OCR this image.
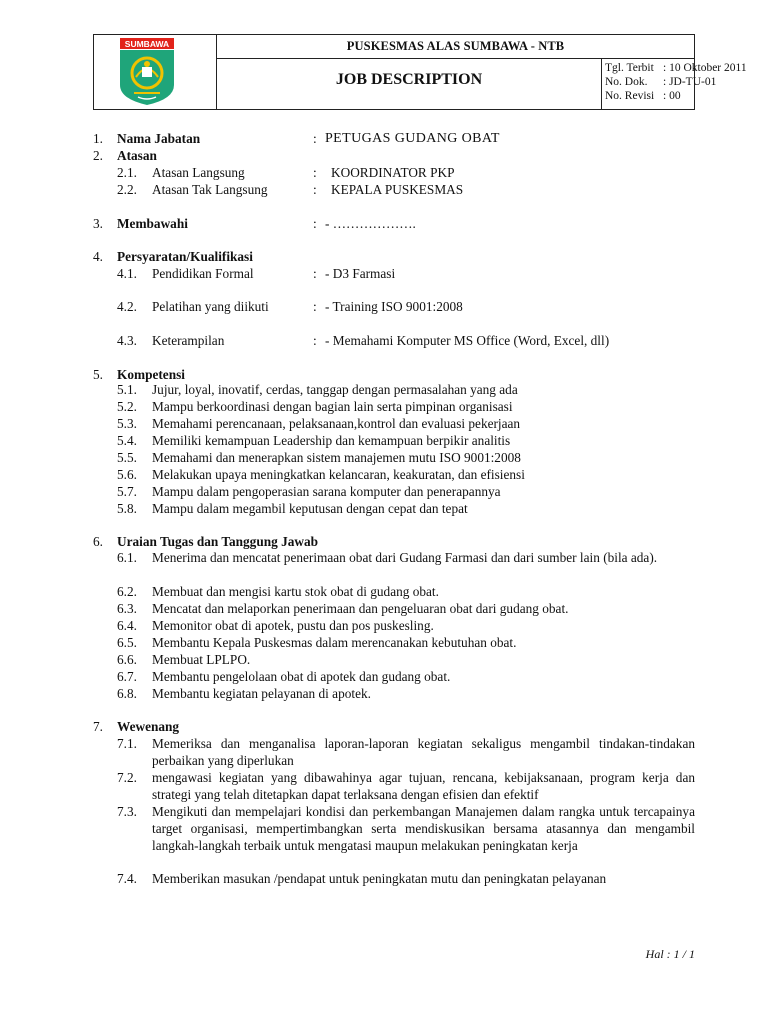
SUMBAWA	PUSKESMAS ALAS SUMBAWA - NTB
JOB DESCRIPTION
Tgl. Terbit : 10 Oktober 2011
No. Dok. : JD-TU-01
No. Revisi : 00
1. Nama Jabatan	: PETUGAS GUDANG OBAT
2. Atasan
2.1. Atasan Langsung	: KOORDINATOR PKP
2.2. Atasan Tak Langsung	: KEPALA PUSKESMAS
3. Membawahi	: - ……………….
4. Persyaratan/Kualifikasi
4.1. Pendidikan Formal	: - D3 Farmasi
4.2. Pelatihan yang diikuti	: - Training ISO 9001:2008
4.3. Keterampilan	: - Memahami Komputer MS Office (Word, Excel, dll)
5. Kompetensi
5.1. Jujur, loyal, inovatif, cerdas, tanggap dengan permasalahan yang ada
5.2. Mampu berkoordinasi dengan bagian lain serta pimpinan organisasi
5.3. Memahami perencanaan, pelaksanaan,kontrol dan evaluasi pekerjaan
5.4. Memiliki kemampuan Leadership dan kemampuan berpikir analitis
5.5. Memahami dan menerapkan sistem manajemen mutu ISO 9001:2008
5.6. Melakukan upaya meningkatkan kelancaran, keakuratan, dan efisiensi
5.7. Mampu dalam pengoperasian sarana komputer dan penerapannya
5.8. Mampu dalam megambil keputusan dengan cepat dan tepat
6. Uraian Tugas dan Tanggung Jawab
6.1. Menerima dan mencatat penerimaan obat dari Gudang Farmasi dan dari sumber lain (bila ada).
6.2. Membuat dan mengisi kartu stok obat di gudang obat.
6.3. Mencatat dan melaporkan penerimaan dan pengeluaran obat dari gudang obat.
6.4. Memonitor obat di apotek, pustu dan pos puskesling.
6.5. Membantu Kepala Puskesmas dalam merencanakan kebutuhan obat.
6.6. Membuat LPLPO.
6.7. Membantu pengelolaan obat di apotek dan gudang obat.
6.8. Membantu kegiatan pelayanan di apotek.
7. Wewenang
7.1. Memeriksa dan menganalisa laporan-laporan kegiatan sekaligus mengambil tindakan-tindakan perbaikan yang diperlukan
7.2. mengawasi kegiatan yang dibawahinya agar tujuan, rencana, kebijaksanaan, program kerja dan strategi yang telah ditetapkan dapat terlaksana dengan efisien dan efektif
7.3. Mengikuti dan mempelajari kondisi dan perkembangan Manajemen dalam rangka untuk tercapainya target organisasi, mempertimbangkan serta mendiskusikan bersama atasannya dan mengambil langkah-langkah terbaik untuk mengatasi maupun melakukan peningkatan kerja
7.4. Memberikan masukan /pendapat untuk peningkatan mutu dan peningkatan pelayanan
Hal : 1 / 1
